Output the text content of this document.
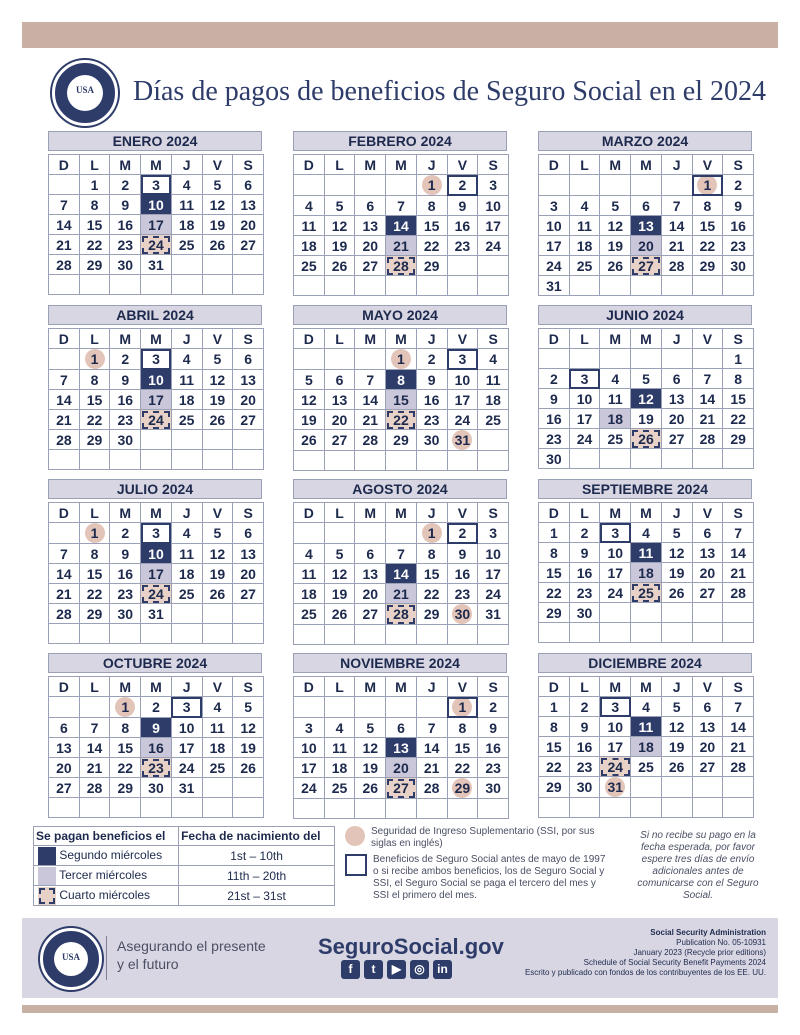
USA Días de pagos de beneficios de Seguro Social en el 2024
ENERO 2024
D	L	M	M	J	V	S
	1	2	3	4	5	6
7	8	9	10	11	12	13
14	15	16	17	18	19	20
21	22	23	24	25	26	27
28	29	30	31			

FEBRERO 2024
D	L	M	M	J	V	S
				1	2	3
4	5	6	7	8	9	10
11	12	13	14	15	16	17
18	19	20	21	22	23	24
25	26	27	28	29		

MARZO 2024
D	L	M	M	J	V	S
					1	2
3	4	5	6	7	8	9
10	11	12	13	14	15	16
17	18	19	20	21	22	23
24	25	26	27	28	29	30
31						
ABRIL 2024
D	L	M	M	J	V	S
	1	2	3	4	5	6
7	8	9	10	11	12	13
14	15	16	17	18	19	20
21	22	23	24	25	26	27
28	29	30				

MAYO 2024
D	L	M	M	J	V	S
			1	2	3	4
5	6	7	8	9	10	11
12	13	14	15	16	17	18
19	20	21	22	23	24	25
26	27	28	29	30	31	

JUNIO 2024
D	L	M	M	J	V	S
						1
2	3	4	5	6	7	8
9	10	11	12	13	14	15
16	17	18	19	20	21	22
23	24	25	26	27	28	29
30						
JULIO 2024
D	L	M	M	J	V	S
	1	2	3	4	5	6
7	8	9	10	11	12	13
14	15	16	17	18	19	20
21	22	23	24	25	26	27
28	29	30	31			

AGOSTO 2024
D	L	M	M	J	V	S
				1	2	3
4	5	6	7	8	9	10
11	12	13	14	15	16	17
18	19	20	21	22	23	24
25	26	27	28	29	30	31

SEPTIEMBRE 2024
D	L	M	M	J	V	S
1	2	3	4	5	6	7
8	9	10	11	12	13	14
15	16	17	18	19	20	21
22	23	24	25	26	27	28
29	30					

OCTUBRE 2024
D	L	M	M	J	V	S
		1	2	3	4	5
6	7	8	9	10	11	12
13	14	15	16	17	18	19
20	21	22	23	24	25	26
27	28	29	30	31		

NOVIEMBRE 2024
D	L	M	M	J	V	S
					1	2
3	4	5	6	7	8	9
10	11	12	13	14	15	16
17	18	19	20	21	22	23
24	25	26	27	28	29	30

DICIEMBRE 2024
D	L	M	M	J	V	S
1	2	3	4	5	6	7
8	9	10	11	12	13	14
15	16	17	18	19	20	21
22	23	24	25	26	27	28
29	30	31				

Se pagan beneficios el	Fecha de nacimiento del
Segundo miércoles	1st – 10th
Tercer miércoles	11th – 20th
Cuarto miércoles	21st – 31st
Seguridad de Ingreso Suplementario (SSI, por sus siglas en inglés)
Beneficios de Seguro Social antes de mayo de 1997 o si recibe ambos beneficios, los de Seguro Social y SSI, el Seguro Social se paga el tercero del mes y SSI el primero del mes.
Si no recibe su pago en la fecha esperada, por favor espere tres días de envío adicionales antes de comunicarse con el Seguro Social.
USA
Asegurando el presente
y el futuro
SeguroSocial.gov
f	t	▶	◎	in
Social Security Administration
Publication No. 05-10931
January 2023 (Recycle prior editions)
Schedule of Social Security Benefit Payments 2024
Escrito y publicado con fondos de los contribuyentes de los EE. UU.
